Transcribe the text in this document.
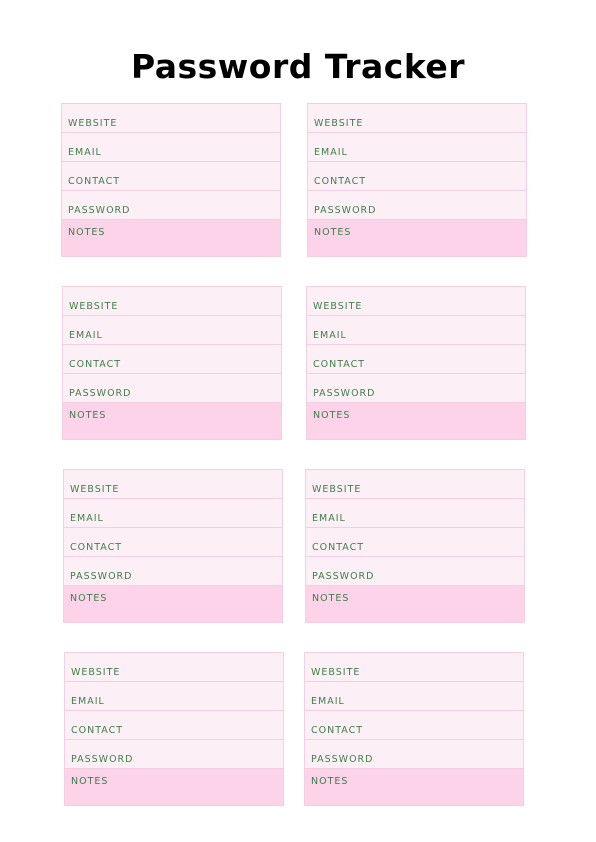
Password Tracker
WEBSITE
EMAIL
CONTACT
PASSWORD
NOTES
WEBSITE
EMAIL
CONTACT
PASSWORD
NOTES
WEBSITE
EMAIL
CONTACT
PASSWORD
NOTES
WEBSITE
EMAIL
CONTACT
PASSWORD
NOTES
WEBSITE
EMAIL
CONTACT
PASSWORD
NOTES
WEBSITE
EMAIL
CONTACT
PASSWORD
NOTES
WEBSITE
EMAIL
CONTACT
PASSWORD
NOTES
WEBSITE
EMAIL
CONTACT
PASSWORD
NOTES
